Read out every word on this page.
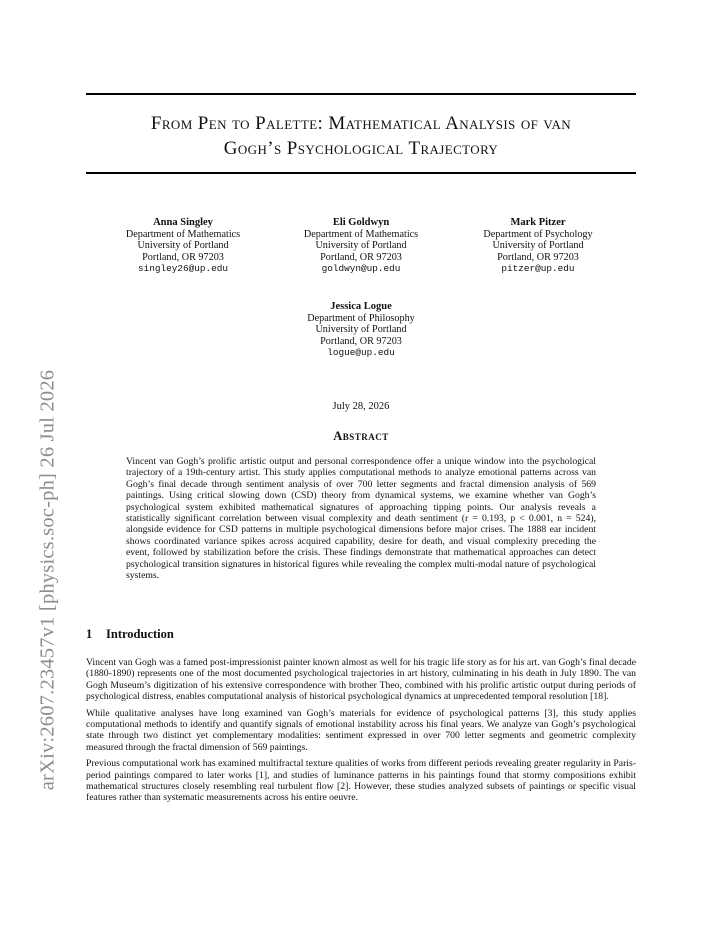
arXiv:2607.23457v1 [physics.soc-ph] 26 Jul 2026
From Pen to Palette: Mathematical Analysis of van
Gogh’s Psychological Trajectory
Anna Singley
Department of Mathematics
University of Portland
Portland, OR 97203
singley26@up.edu
Eli Goldwyn
Department of Mathematics
University of Portland
Portland, OR 97203
goldwyn@up.edu
Mark Pitzer
Department of Psychology
University of Portland
Portland, OR 97203
pitzer@up.edu
Jessica Logue
Department of Philosophy
University of Portland
Portland, OR 97203
logue@up.edu
July 28, 2026
Abstract
Vincent van Gogh’s prolific artistic output and personal correspondence offer a unique window into the psychological trajectory of a 19th-century artist. This study applies computational methods to analyze emotional patterns across van Gogh’s final decade through sentiment analysis of over 700 letter segments and fractal dimension analysis of 569 paintings. Using critical slowing down (CSD) theory from dynamical systems, we examine whether van Gogh’s psychological system exhibited mathematical signatures of approaching tipping points. Our analysis reveals a statistically significant correlation between visual complexity and death sentiment (r = 0.193, p < 0.001, n = 524), alongside evidence for CSD patterns in multiple psychological dimensions before major crises. The 1888 ear incident shows coordinated variance spikes across acquired capability, desire for death, and visual complexity preceding the event, followed by stabilization before the crisis. These findings demonstrate that mathematical approaches can detect psychological transition signatures in historical figures while revealing the complex multi-modal nature of psychological systems.
1 Introduction

Vincent van Gogh was a famed post-impressionist painter known almost as well for his tragic life story as for his art. van Gogh’s final decade (1880-1890) represents one of the most documented psychological trajectories in art history, culminating in his death in July 1890. The van Gogh Museum’s digitization of his extensive correspondence with brother Theo, combined with his prolific artistic output during periods of psychological distress, enables computational analysis of historical psychological dynamics at unprecedented temporal resolution [18].

While qualitative analyses have long examined van Gogh’s materials for evidence of psychological patterns [3], this study applies computational methods to identify and quantify signals of emotional instability across his final years. We analyze van Gogh’s psychological state through two distinct yet complementary modalities: sentiment expressed in over 700 letter segments and geometric complexity measured through the fractal dimension of 569 paintings.

Previous computational work has examined multifractal texture qualities of works from different periods revealing greater regularity in Paris-period paintings compared to later works [1], and studies of luminance patterns in his paintings found that stormy compositions exhibit mathematical structures closely resembling real turbulent flow [2]. However, these studies analyzed subsets of paintings or specific visual features rather than systematic measurements across his entire oeuvre.
